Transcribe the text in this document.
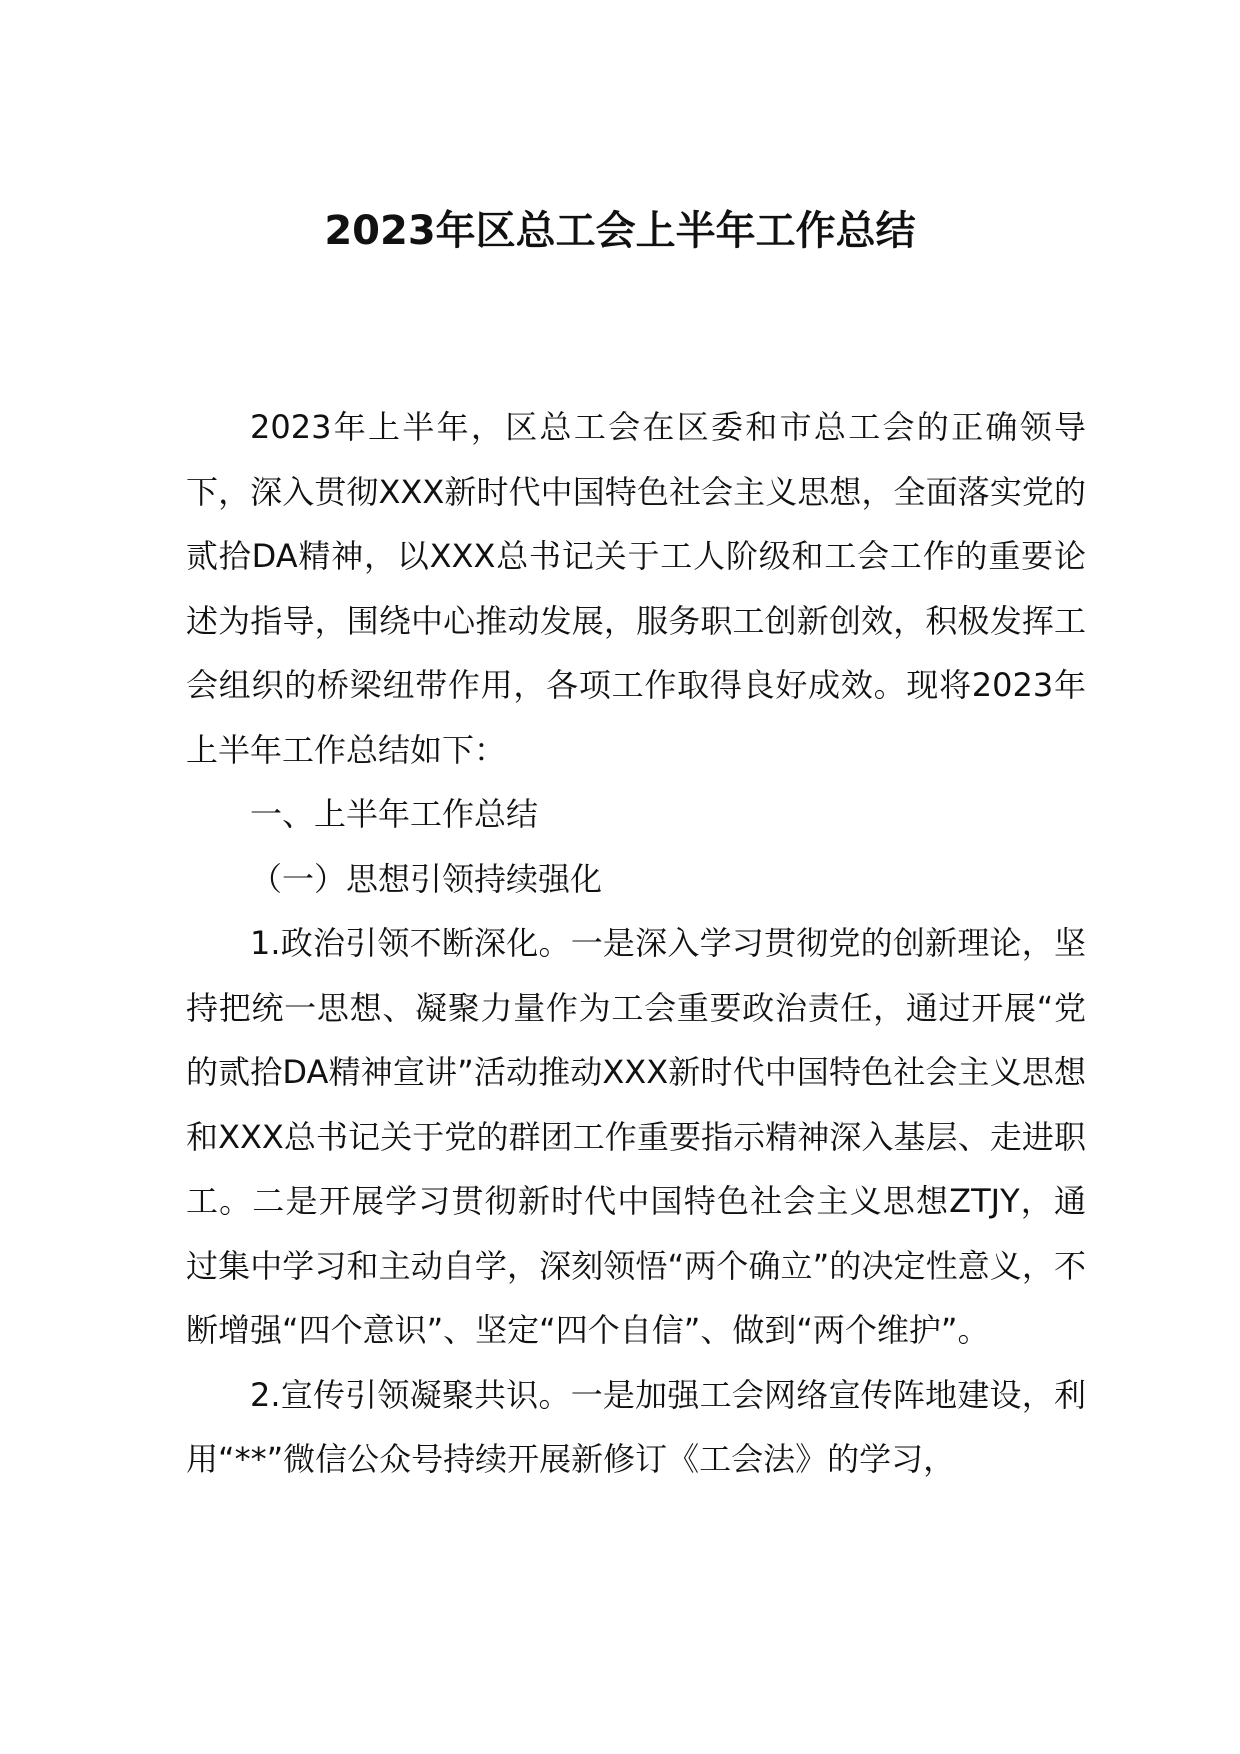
2023年区总工会上半年工作总结

2023年上半年，区总工会在区委和市总工会的正确领导下，深入贯彻XXX新时代中国特色社会主义思想，全面落实党的贰拾DA精神，以XXX总书记关于工人阶级和工会工作的重要论述为指导，围绕中心推动发展，服务职工创新创效，积极发挥工会组织的桥梁纽带作用，各项工作取得良好成效。现将2023年上半年工作总结如下：

一、上半年工作总结

（一）思想引领持续强化

1.政治引领不断深化。一是深入学习贯彻党的创新理论，坚持把统一思想、凝聚力量作为工会重要政治责任，通过开展“党的贰拾DA精神宣讲”活动推动XXX新时代中国特色社会主义思想和XXX总书记关于党的群团工作重要指示精神深入基层、走进职工。二是开展学习贯彻新时代中国特色社会主义思想ZTJY，通过集中学习和主动自学，深刻领悟“两个确立”的决定性意义，不断增强“四个意识”、坚定“四个自信”、做到“两个维护”。

2.宣传引领凝聚共识。一是加强工会网络宣传阵地建设，利用“**”微信公众号持续开展新修订《工会法》的学习，
